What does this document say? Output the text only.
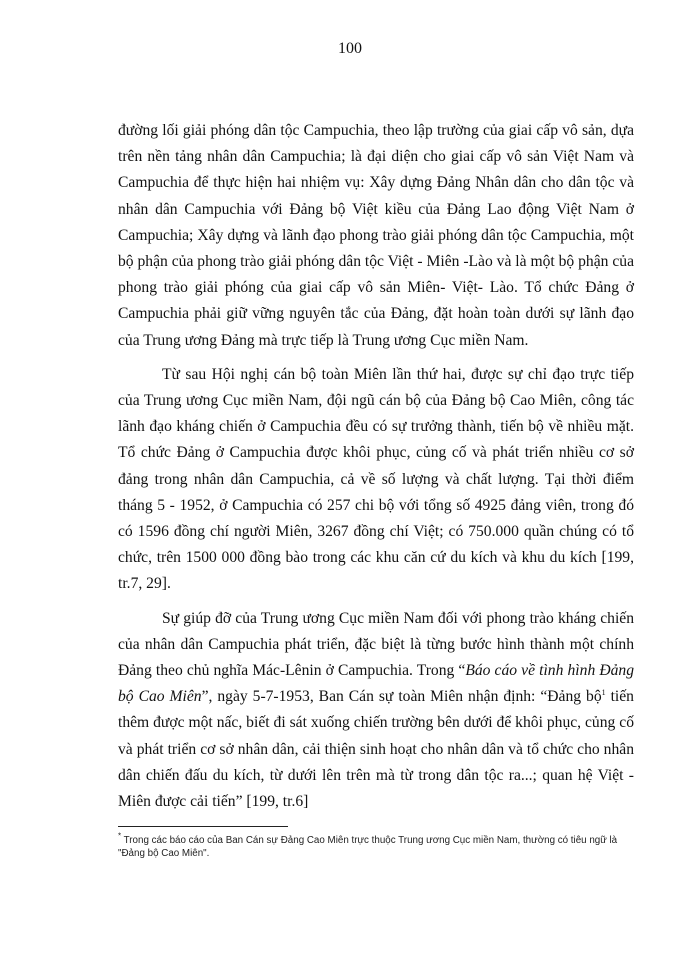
100

đường lối giải phóng dân tộc Campuchia, theo lập trường của giai cấp vô sản, dựa trên nền tảng nhân dân Campuchia; là đại diện cho giai cấp vô sản Việt Nam và Campuchia để thực hiện hai nhiệm vụ: Xây dựng Đảng Nhân dân cho dân tộc và nhân dân Campuchia với Đảng bộ Việt kiều của Đảng Lao động Việt Nam ở Campuchia; Xây dựng và lãnh đạo phong trào giải phóng dân tộc Campuchia, một bộ phận của phong trào giải phóng dân tộc Việt - Miên -Lào và là một bộ phận của phong trào giải phóng của giai cấp vô sản Miên- Việt- Lào. Tổ chức Đảng ở Campuchia phải giữ vững nguyên tắc của Đảng, đặt hoàn toàn dưới sự lãnh đạo của Trung ương Đảng mà trực tiếp là Trung ương Cục miền Nam.

Từ sau Hội nghị cán bộ toàn Miên lần thứ hai, được sự chỉ đạo trực tiếp của Trung ương Cục miền Nam, đội ngũ cán bộ của Đảng bộ Cao Miên, công tác lãnh đạo kháng chiến ở Campuchia đều có sự trưởng thành, tiến bộ về nhiều mặt. Tổ chức Đảng ở Campuchia được khôi phục, củng cố và phát triển nhiều cơ sở đảng trong nhân dân Campuchia, cả về số lượng và chất lượng. Tại thời điểm tháng 5 - 1952, ở Campuchia có 257 chi bộ với tổng số 4925 đảng viên, trong đó có 1596 đồng chí người Miên, 3267 đồng chí Việt; có 750.000 quần chúng có tổ chức, trên 1500 000 đồng bào trong các khu căn cứ du kích và khu du kích [199, tr.7, 29].

Sự giúp đỡ của Trung ương Cục miền Nam đối với phong trào kháng chiến của nhân dân Campuchia phát triển, đặc biệt là từng bước hình thành một chính Đảng theo chủ nghĩa Mác-Lênin ở Campuchia. Trong “Báo cáo về tình hình Đảng bộ Cao Miên”, ngày 5-7-1953, Ban Cán sự toàn Miên nhận định: “Đảng bộ$^1$ tiến thêm được một nấc, biết đi sát xuống chiến trường bên dưới để khôi phục, củng cố và phát triển cơ sở nhân dân, cải thiện sinh hoạt cho nhân dân và tổ chức cho nhân dân chiến đấu du kích, từ dưới lên trên mà từ trong dân tộc ra...; quan hệ Việt - Miên được cải tiến” [199, tr.6]

* Trong các báo cáo của Ban Cán sự Đảng Cao Miên trực thuộc Trung ương Cục miền Nam, thường có tiêu ngữ là "Đảng bộ Cao Miên".
